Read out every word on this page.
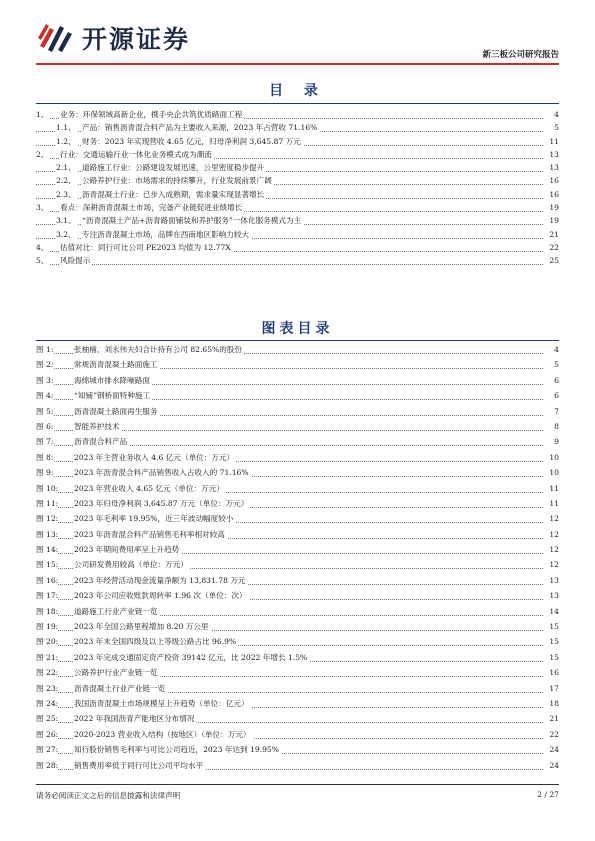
开源证券
新三板公司研究报告
目 录
1、 业务：环保领域高新企业，携手央企共筑优质路面工程	4
1.1、 产品：销售沥青混合料产品为主要收入来源，2023 年占营收 71.16%	5
1.2、 财务：2023 年实现营收 4.65 亿元，归母净利润 3,645.87 万元	11
2、 行业：交通运输行业一体化业务模式成为潮流	13
2.1、 道路施工行业：公路建设发展迅速，公里密度稳步提升	13
2.2、 公路养护行业：市场需求的持续攀升，行业发展前景广阔	16
2.3、 沥青混凝土行业：已步入成熟期，需求量实现显著增长	16
3、 看点：深耕沥青混凝土市场，完备产业链促进业绩增长	19
3.1、 “沥青混凝土产品+沥青路面铺装和养护服务”一体化服务模式为主	19
3.2、 专注沥青混凝土市场，品牌在西南地区影响力较大	21
4、 估值对比：同行可比公司 PE2023 均值为 12.77X	22
5、 风险提示	25
图表目录
图 1:	张柚楠、刘永伟夫妇合计持有公司 82.65%的股份	4
图 2:	常规沥青混凝土路面施工	5
图 3:	海绵城市排水降噪路面	6
图 4:	“知铺”钢桥面特种施工	6
图 5:	沥青混凝土路面再生服务	7
图 6:	智能养护技术	8
图 7:	沥青混合料产品	9
图 8:	2023 年主营业务收入 4.6 亿元（单位：万元）	10
图 9:	2023 年沥青混合料产品销售收入占收入的 71.16%	10
图 10: 2023 年营业收入 4.65 亿元（单位：万元）	11
图 11: 2023 年归母净利润 3,645.87 万元（单位：万元）	11
图 12: 2023 年毛利率 19.95%，近三年波动幅度较小	12
图 13: 2023 年沥青混合料产品销售毛利率相对较高	12
图 14: 2023 年期间费用率呈上升趋势	12
图 15: 公司研发费用较高（单位：万元）	12
图 16: 2023 年经营活动现金流量净额为 13,831.78 万元	13
图 17: 2023 年公司应收账款周转率 1.96 次（单位：次）	13
图 18: 道路施工行业产业链一览	14
图 19: 2023 年全国公路里程增加 8.20 万公里	15
图 20: 2023 年末全国四级及以上等级公路占比 96.9%	15
图 21: 2023 年完成交通固定资产投资 39142 亿元，比 2022 年增长 1.5%	15
图 22: 公路养护行业产业链一览	16
图 23: 沥青混凝土行业产业链一览	17
图 24: 我国沥青混凝土市场规模呈上升趋势（单位：亿元）	18
图 25: 2022 年我国沥青产能地区分布情况	21
图 26: 2020-2023 营业收入结构（按地区）（单位：万元）	22
图 27: 知行股份销售毛利率与可比公司趋近，2023 年达到 19.95%	24
图 28: 销售费用率低于同行可比公司平均水平	24
请务必阅读正文之后的信息披露和法律声明	2 / 27
